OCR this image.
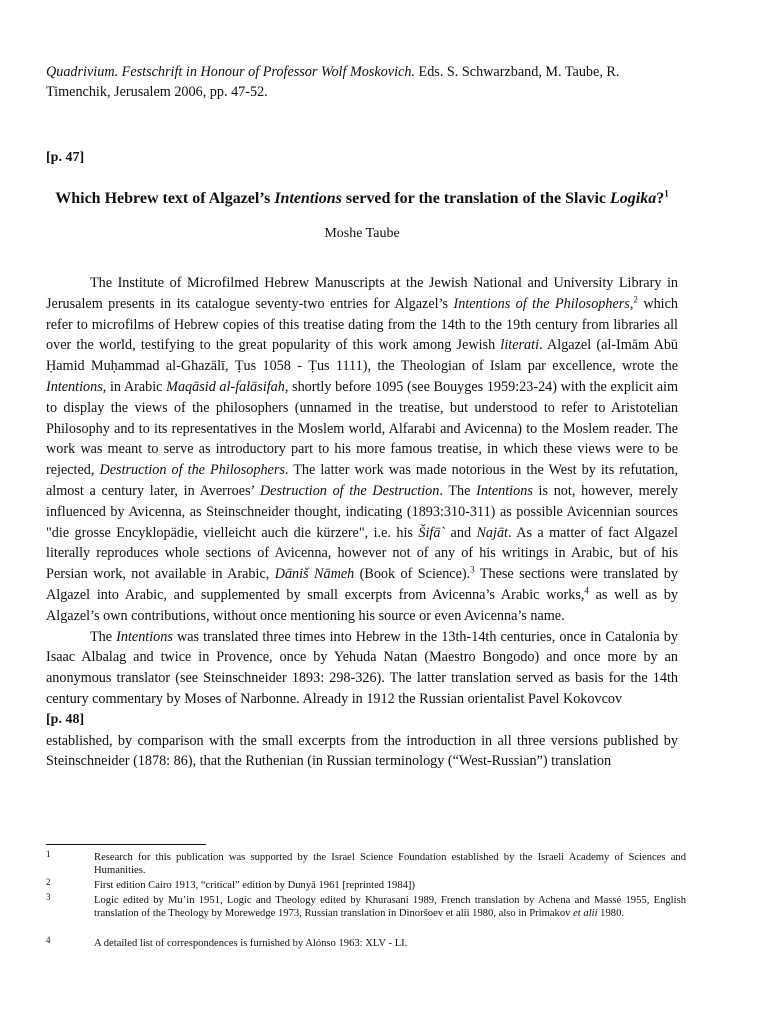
Quadrivium. Festschrift in Honour of Professor Wolf Moskovich. Eds. S. Schwarzband, M. Taube, R. Timenchik, Jerusalem 2006, pp. 47-52.

[p. 47]

Which Hebrew text of Algazel’s Intentions served for the translation of the Slavic Logika?$^1$

Moshe Taube

The Institute of Microfilmed Hebrew Manuscripts at the Jewish National and University Library in Jerusalem presents in its catalogue seventy-two entries for Algazel’s Intentions of the Philosophers,$^2$ which refer to microfilms of Hebrew copies of this treatise dating from the 14th to the 19th century from libraries all over the world, testifying to the great popularity of this work among Jewish literati. Algazel (al-Imām Abū Ḥamid Muḥammad al-Ghazālī, Ṭus 1058 - Ṭus 1111), the Theologian of Islam par excellence, wrote the Intentions, in Arabic Maqāsid al-falāsifah, shortly before 1095 (see Bouyges 1959:23-24) with the explicit aim to display the views of the philosophers (unnamed in the treatise, but understood to refer to Aristotelian Philosophy and to its representatives in the Moslem world, Alfarabi and Avicenna) to the Moslem reader. The work was meant to serve as introductory part to his more famous treatise, in which these views were to be rejected, Destruction of the Philosophers. The latter work was made notorious in the West by its refutation, almost a century later, in Averroes’ Destruction of the Destruction. The Intentions is not, however, merely influenced by Avicenna, as Steinschneider thought, indicating (1893:310-311) as possible Avicennian sources "die grosse Encyklopädie, vielleicht auch die kürzere", i.e. his Šifā` and Najāt. As a matter of fact Algazel literally reproduces whole sections of Avicenna, however not of any of his writings in Arabic, but of his Persian work, not available in Arabic, Dāniš Nāmeh (Book of Science).$^3$ These sections were translated by Algazel into Arabic, and supplemented by small excerpts from Avicenna’s Arabic works,$^4$ as well as by Algazel’s own contributions, without once mentioning his source or even Avicenna’s name.

The Intentions was translated three times into Hebrew in the 13th-14th centuries, once in Catalonia by Isaac Albalag and twice in Provence, once by Yehuda Natan (Maestro Bongodo) and once more by an anonymous translator (see Steinschneider 1893: 298-326). The latter translation served as basis for the 14th century commentary by Moses of Narbonne. Already in 1912 the Russian orientalist Pavel Kokovcov

[p. 48]

established, by comparison with the small excerpts from the introduction in all three versions published by Steinschneider (1878: 86), that the Ruthenian (in Russian terminology (“West-Russian”) translation

1	Research for this publication was supported by the Israel Science Foundation established by the Israeli Academy of Sciences and Humanities.
2	First edition Cairo 1913, “critical” edition by Dunyā 1961 [reprinted 1984])
3	Logic edited by Mu’in 1951, Logic and Theology edited by Khurasani 1989, French translation by Achena and Massé 1955, English translation of the Theology by Morewedge 1973, Russian translation in Dinoršoev et alii 1980, also in Primakov et alii 1980.
4	A detailed list of correspondences is furnished by Alónso 1963: XLV - LI.
